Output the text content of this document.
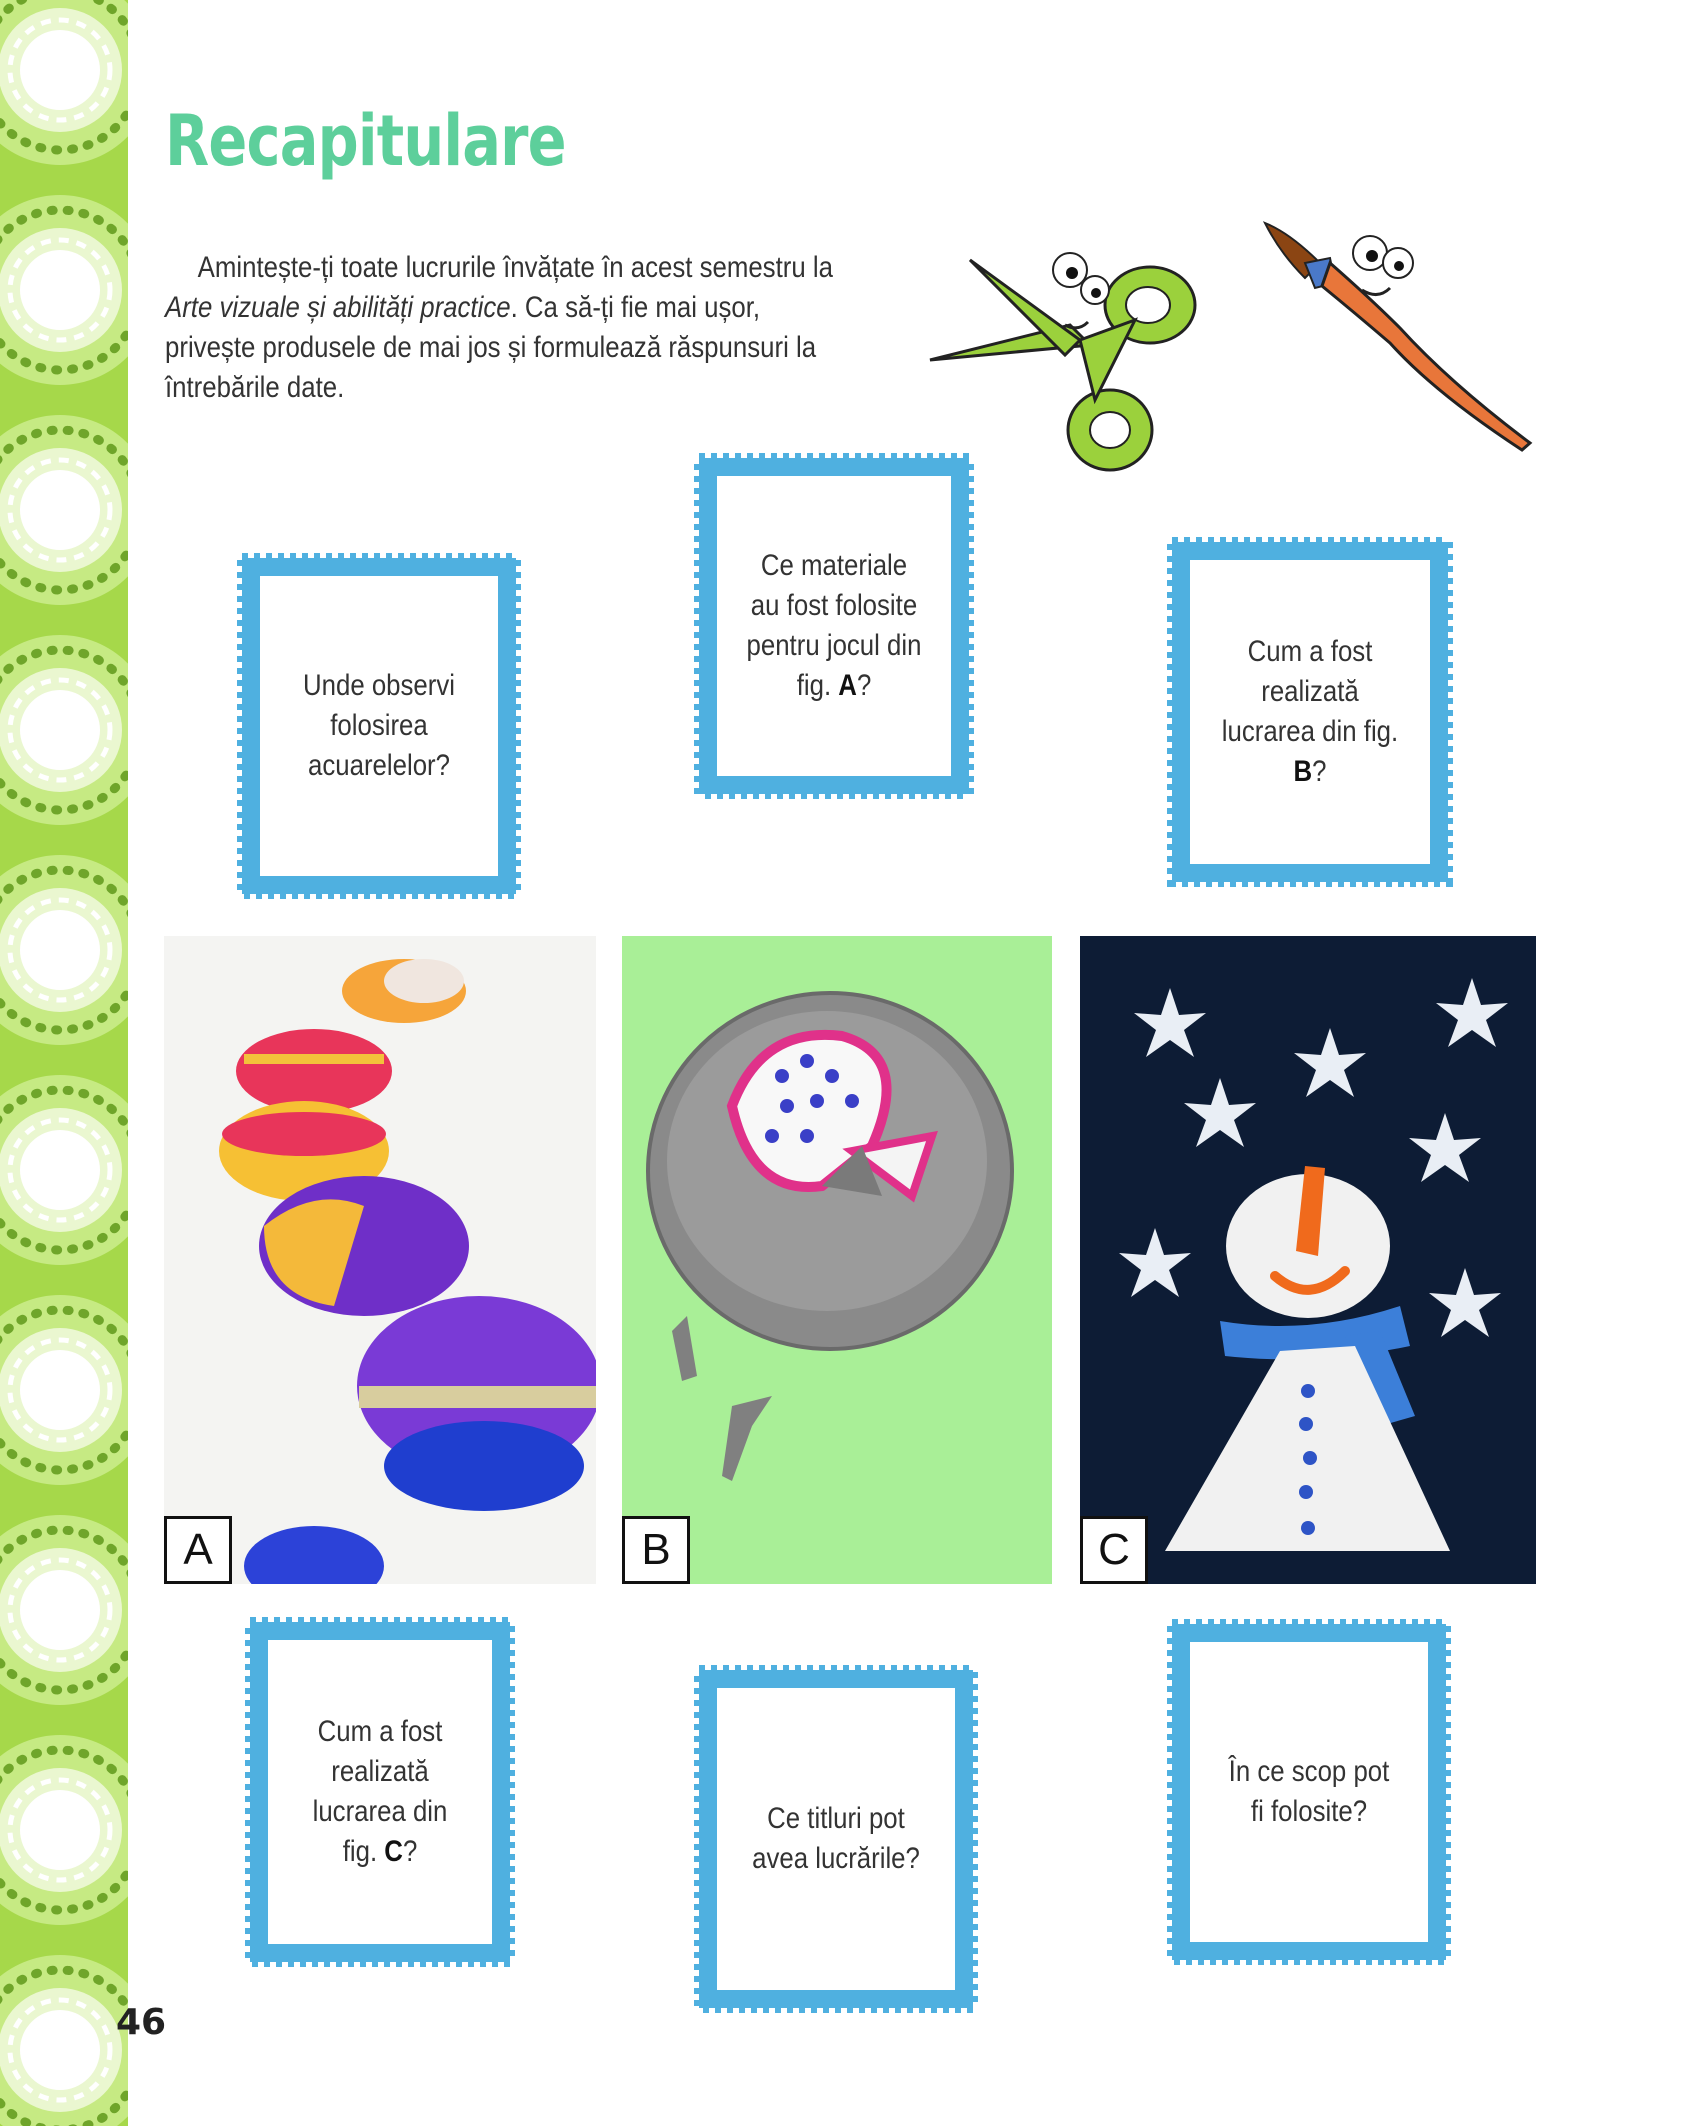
Recapitulare

Amintește-ți toate lucrurile învățate în acest semestru la Arte vizuale și abilități practice. Ca să-ți fie mai ușor, privește produsele de mai jos și formulează răspunsuri la întrebările date.

Unde observi folosirea acuarelelor?
Ce materiale au fost folosite pentru jocul din fig. A?
Cum a fost realizată lucrarea din fig. B?
A	B	C
Cum a fost realizată lucrarea din fig. C?
Ce titluri pot avea lucrările?
În ce scop pot fi folosite?
46
